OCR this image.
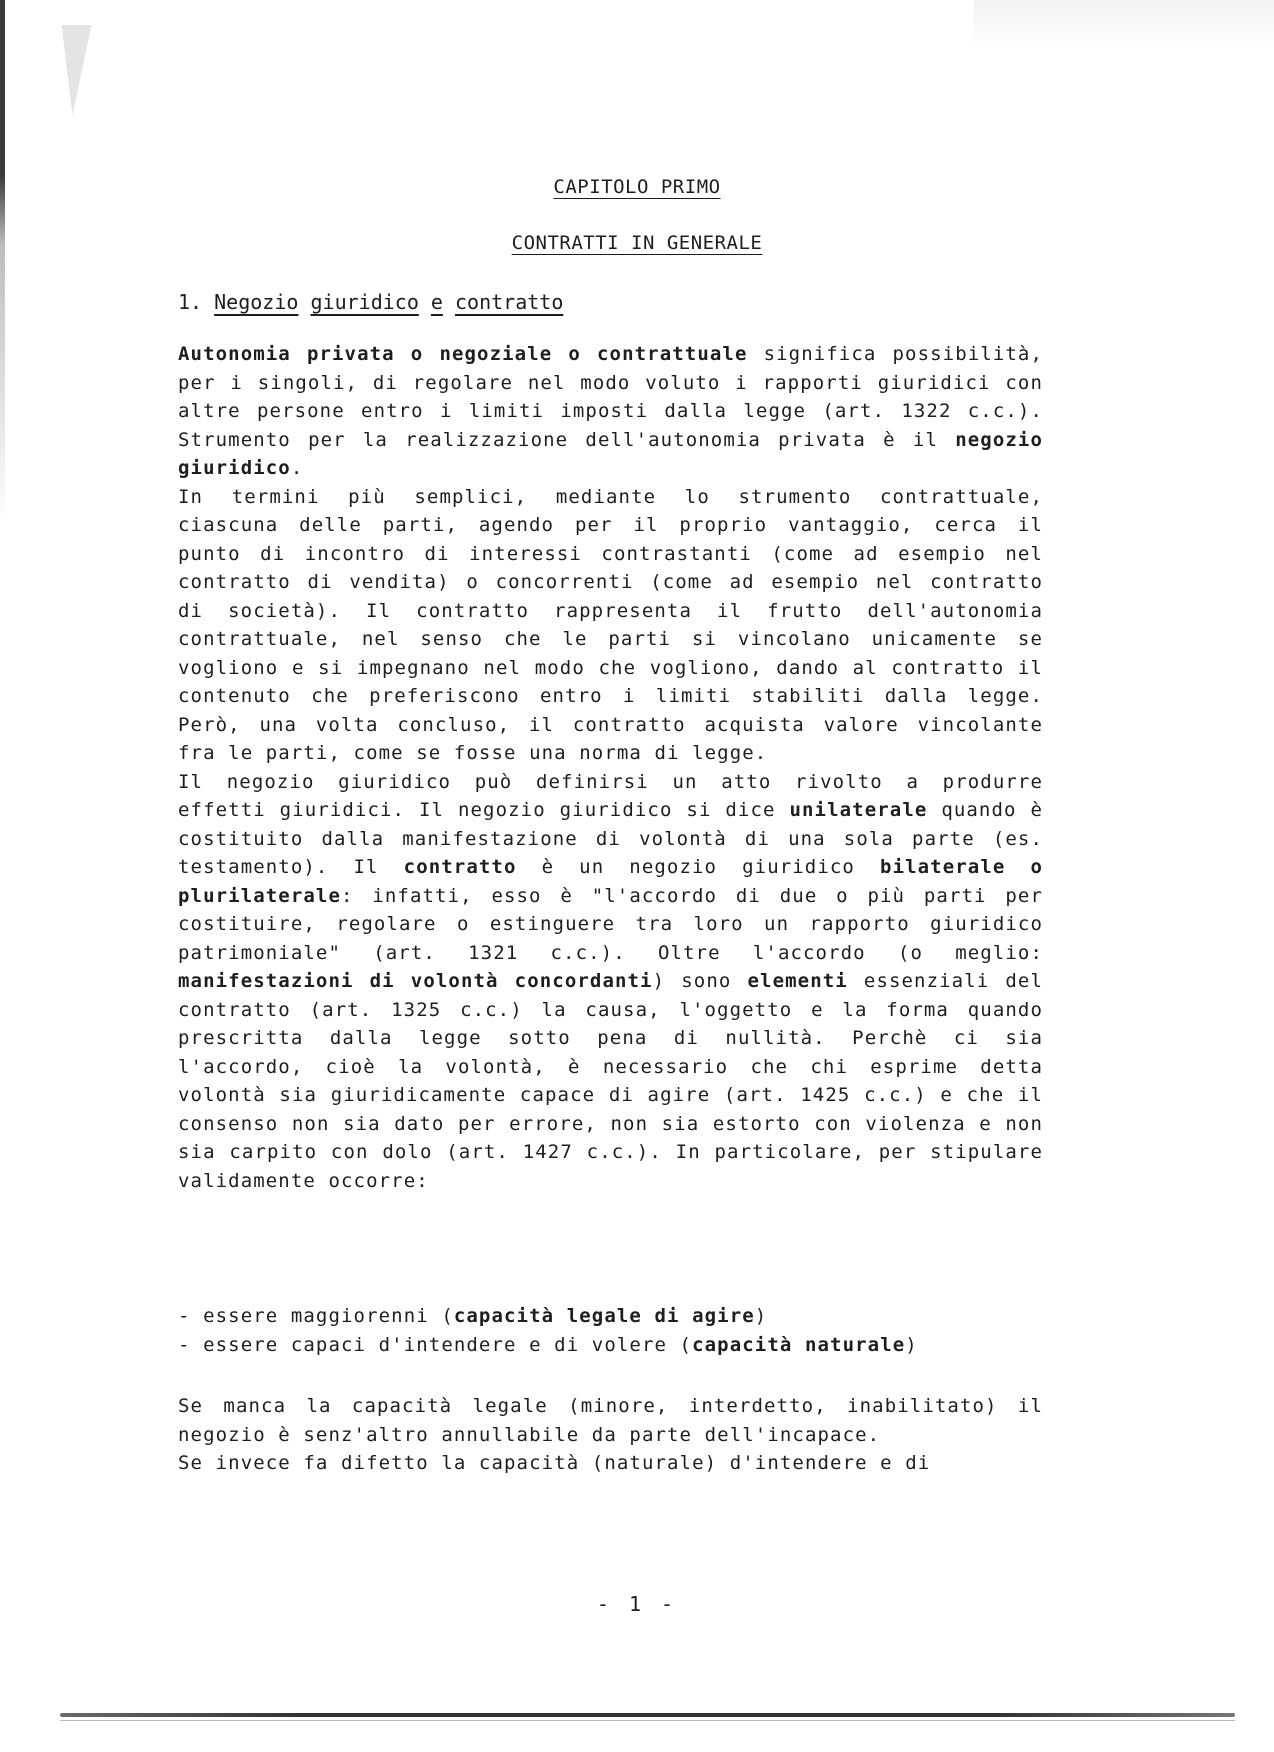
CAPITOLO PRIMO
CONTRATTI IN GENERALE
1. Negozio giuridico e contratto

Autonomia privata o negoziale o contrattuale significa possibilità, per i singoli, di regolare nel modo voluto i rapporti giuridici con altre persone entro i limiti imposti dalla legge (art. 1322 c.c.). Strumento per la realizzazione dell'autonomia privata è il negozio giuridico.

In termini più semplici, mediante lo strumento contrattuale, ciascuna delle parti, agendo per il proprio vantaggio, cerca il punto di incontro di interessi contrastanti (come ad esempio nel contratto di vendita) o concorrenti (come ad esempio nel contratto di società). Il contratto rappresenta il frutto dell'autonomia contrattuale, nel senso che le parti si vincolano unicamente se vogliono e si impegnano nel modo che vogliono, dando al contratto il contenuto che preferiscono entro i limiti stabiliti dalla legge. Però, una volta concluso, il contratto acquista valore vincolante fra le parti, come se fosse una norma di legge.

Il negozio giuridico può definirsi un atto rivolto a produrre effetti giuridici. Il negozio giuridico si dice unilaterale quando è costituito dalla manifestazione di volontà di una sola parte (es. testamento). Il contratto è un negozio giuridico bilaterale o plurilaterale: infatti, esso è "l'accordo di due o più parti per costituire, regolare o estinguere tra loro un rapporto giuridico patrimoniale" (art. 1321 c.c.). Oltre l'accordo (o meglio: manifestazioni di volontà concordanti) sono elementi essenziali del contratto (art. 1325 c.c.) la causa, l'oggetto e la forma quando prescritta dalla legge sotto pena di nullità. Perchè ci sia l'accordo, cioè la volontà, è necessario che chi esprime detta volontà sia giuridicamente capace di agire (art. 1425 c.c.) e che il consenso non sia dato per errore, non sia estorto con violenza e non sia carpito con dolo (art. 1427 c.c.). In particolare, per stipulare validamente occorre:

- essere maggiorenni (capacità legale di agire)

- essere capaci d'intendere e di volere (capacità naturale)

Se manca la capacità legale (minore, interdetto, inabilitato) il negozio è senz'altro annullabile da parte dell'incapace.

Se invece fa difetto la capacità (naturale) d'intendere e di

- 1 -
